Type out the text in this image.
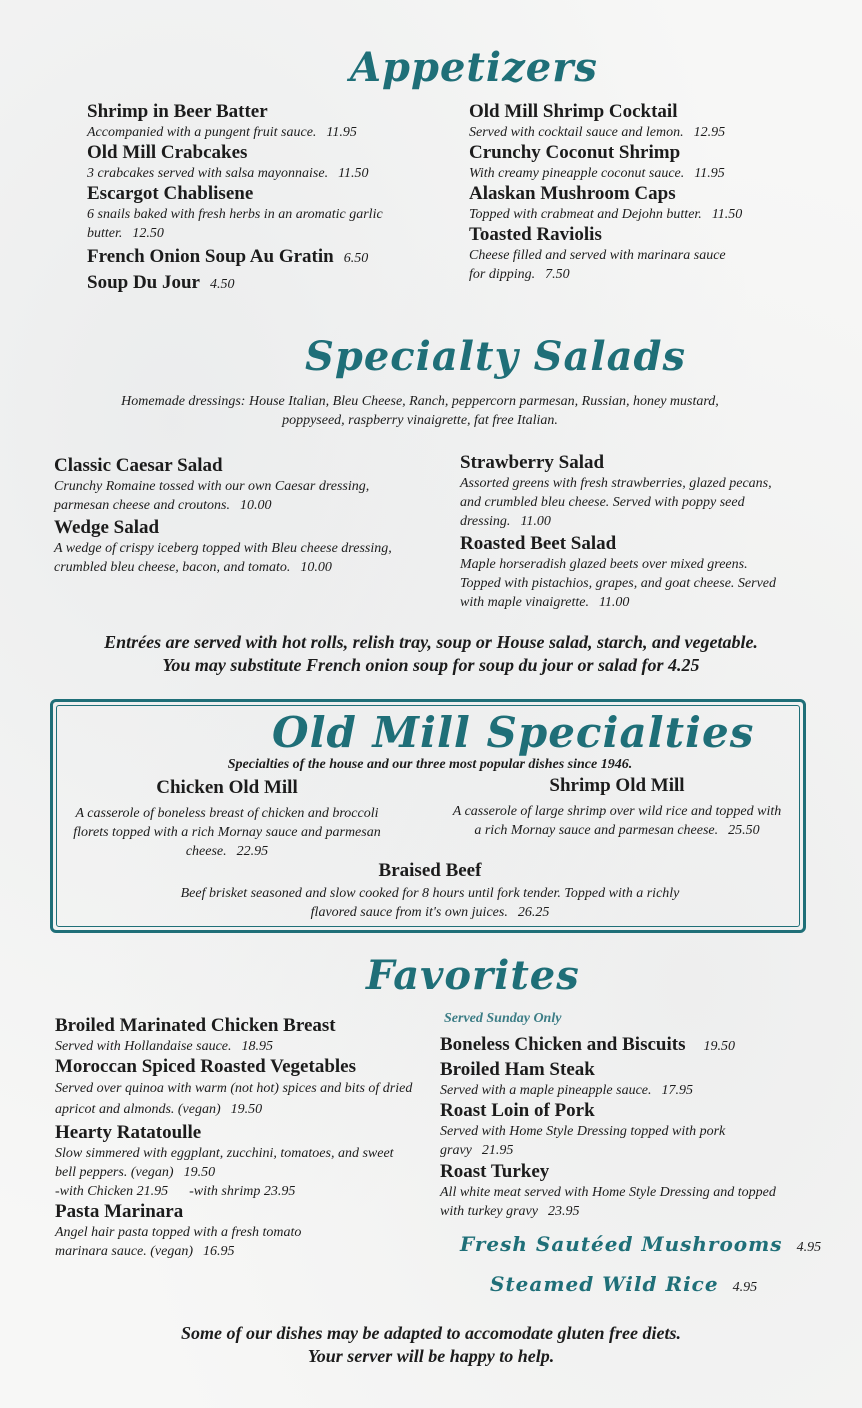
Appetizers
Shrimp in Beer Batter
Accompanied with a pungent fruit sauce. 11.95
Old Mill Crabcakes
3 crabcakes served with salsa mayonnaise. 11.50
Escargot Chablisene
6 snails baked with fresh herbs in an aromatic garlic butter. 12.50
French Onion Soup Au Gratin 6.50
Soup Du Jour 4.50
Old Mill Shrimp Cocktail
Served with cocktail sauce and lemon. 12.95
Crunchy Coconut Shrimp
With creamy pineapple coconut sauce. 11.95
Alaskan Mushroom Caps
Topped with crabmeat and Dejohn butter. 11.50
Toasted Raviolis
Cheese filled and served with marinara sauce for dipping. 7.50
Specialty Salads
Homemade dressings: House Italian, Bleu Cheese, Ranch, peppercorn parmesan, Russian, honey mustard, poppyseed, raspberry vinaigrette, fat free Italian.
Classic Caesar Salad
Crunchy Romaine tossed with our own Caesar dressing, parmesan cheese and croutons. 10.00
Wedge Salad
A wedge of crispy iceberg topped with Bleu cheese dressing, crumbled bleu cheese, bacon, and tomato. 10.00
Strawberry Salad
Assorted greens with fresh strawberries, glazed pecans, and crumbled bleu cheese. Served with poppy seed dressing. 11.00
Roasted Beet Salad
Maple horseradish glazed beets over mixed greens. Topped with pistachios, grapes, and goat cheese. Served with maple vinaigrette. 11.00
Entrées are served with hot rolls, relish tray, soup or House salad, starch, and vegetable.
You may substitute French onion soup for soup du jour or salad for 4.25
Old Mill Specialties
Specialties of the house and our three most popular dishes since 1946.
Chicken Old Mill
A casserole of boneless breast of chicken and broccoli florets topped with a rich Mornay sauce and parmesan cheese. 22.95
Shrimp Old Mill
A casserole of large shrimp over wild rice and topped with a rich Mornay sauce and parmesan cheese. 25.50
Braised Beef
Beef brisket seasoned and slow cooked for 8 hours until fork tender. Topped with a richly flavored sauce from it's own juices. 26.25
Favorites
Broiled Marinated Chicken Breast
Served with Hollandaise sauce. 18.95
Moroccan Spiced Roasted Vegetables
Served over quinoa with warm (not hot) spices and bits of dried apricot and almonds. (vegan) 19.50
Hearty Ratatoulle
Slow simmered with eggplant, zucchini, tomatoes, and sweet bell peppers. (vegan) 19.50
-with Chicken 21.95      -with shrimp 23.95
Pasta Marinara
Angel hair pasta topped with a fresh tomato marinara sauce. (vegan) 16.95
Served Sunday Only
Boneless Chicken and Biscuits 19.50
Broiled Ham Steak
Served with a maple pineapple sauce. 17.95
Roast Loin of Pork
Served with Home Style Dressing topped with pork gravy 21.95
Roast Turkey
All white meat served with Home Style Dressing and topped with turkey gravy 23.95
Fresh Sautéed Mushrooms 4.95
Steamed Wild Rice 4.95
Some of our dishes may be adapted to accomodate gluten free diets.
Your server will be happy to help.
